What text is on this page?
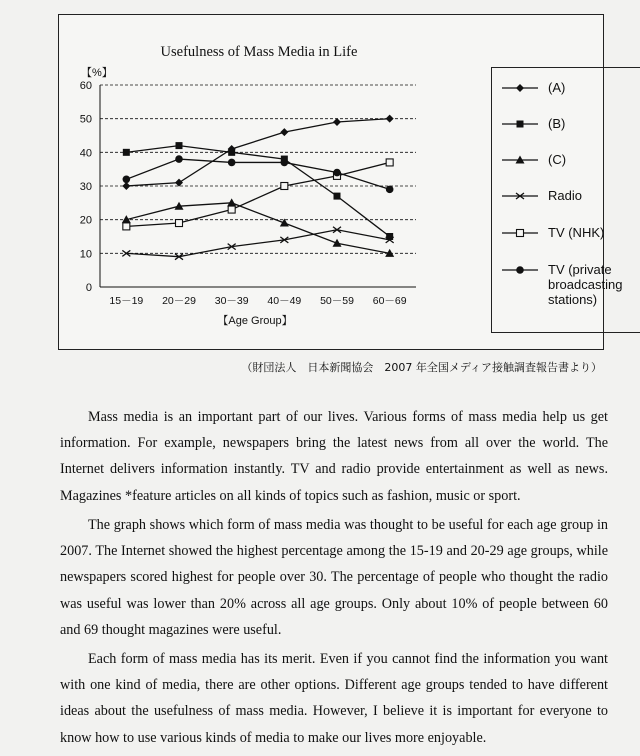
Usefulness of Mass Media in Life
【%】
0
10
20
30
40
50
60
15－19 20－29 30－39 40－49 50－59 60－69
【Age Group】
(A)
(B)
(C)
Radio
TV (NHK)
TV (private
broadcasting
stations)
（財団法人　日本新聞協会　2007 年全国メディア接触調査報告書より）

Mass media is an important part of our lives. Various forms of mass media help us get information. For example, newspapers bring the latest news from all over the world. The Internet delivers information instantly. TV and radio provide entertainment as well as news. Magazines *feature articles on all kinds of topics such as fashion, music or sport.

The graph shows which form of mass media was thought to be useful for each age group in 2007. The Internet showed the highest percentage among the 15-19 and 20-29 age groups, while newspapers scored highest for people over 30. The percentage of people who thought the radio was useful was lower than 20% across all age groups. Only about 10% of people between 60 and 69 thought magazines were useful.

Each form of mass media has its merit. Even if you cannot find the information you want with one kind of media, there are other options. Different age groups tended to have different ideas about the usefulness of mass media. However, I believe it is important for everyone to know how to use various kinds of media to make our lives more enjoyable.
